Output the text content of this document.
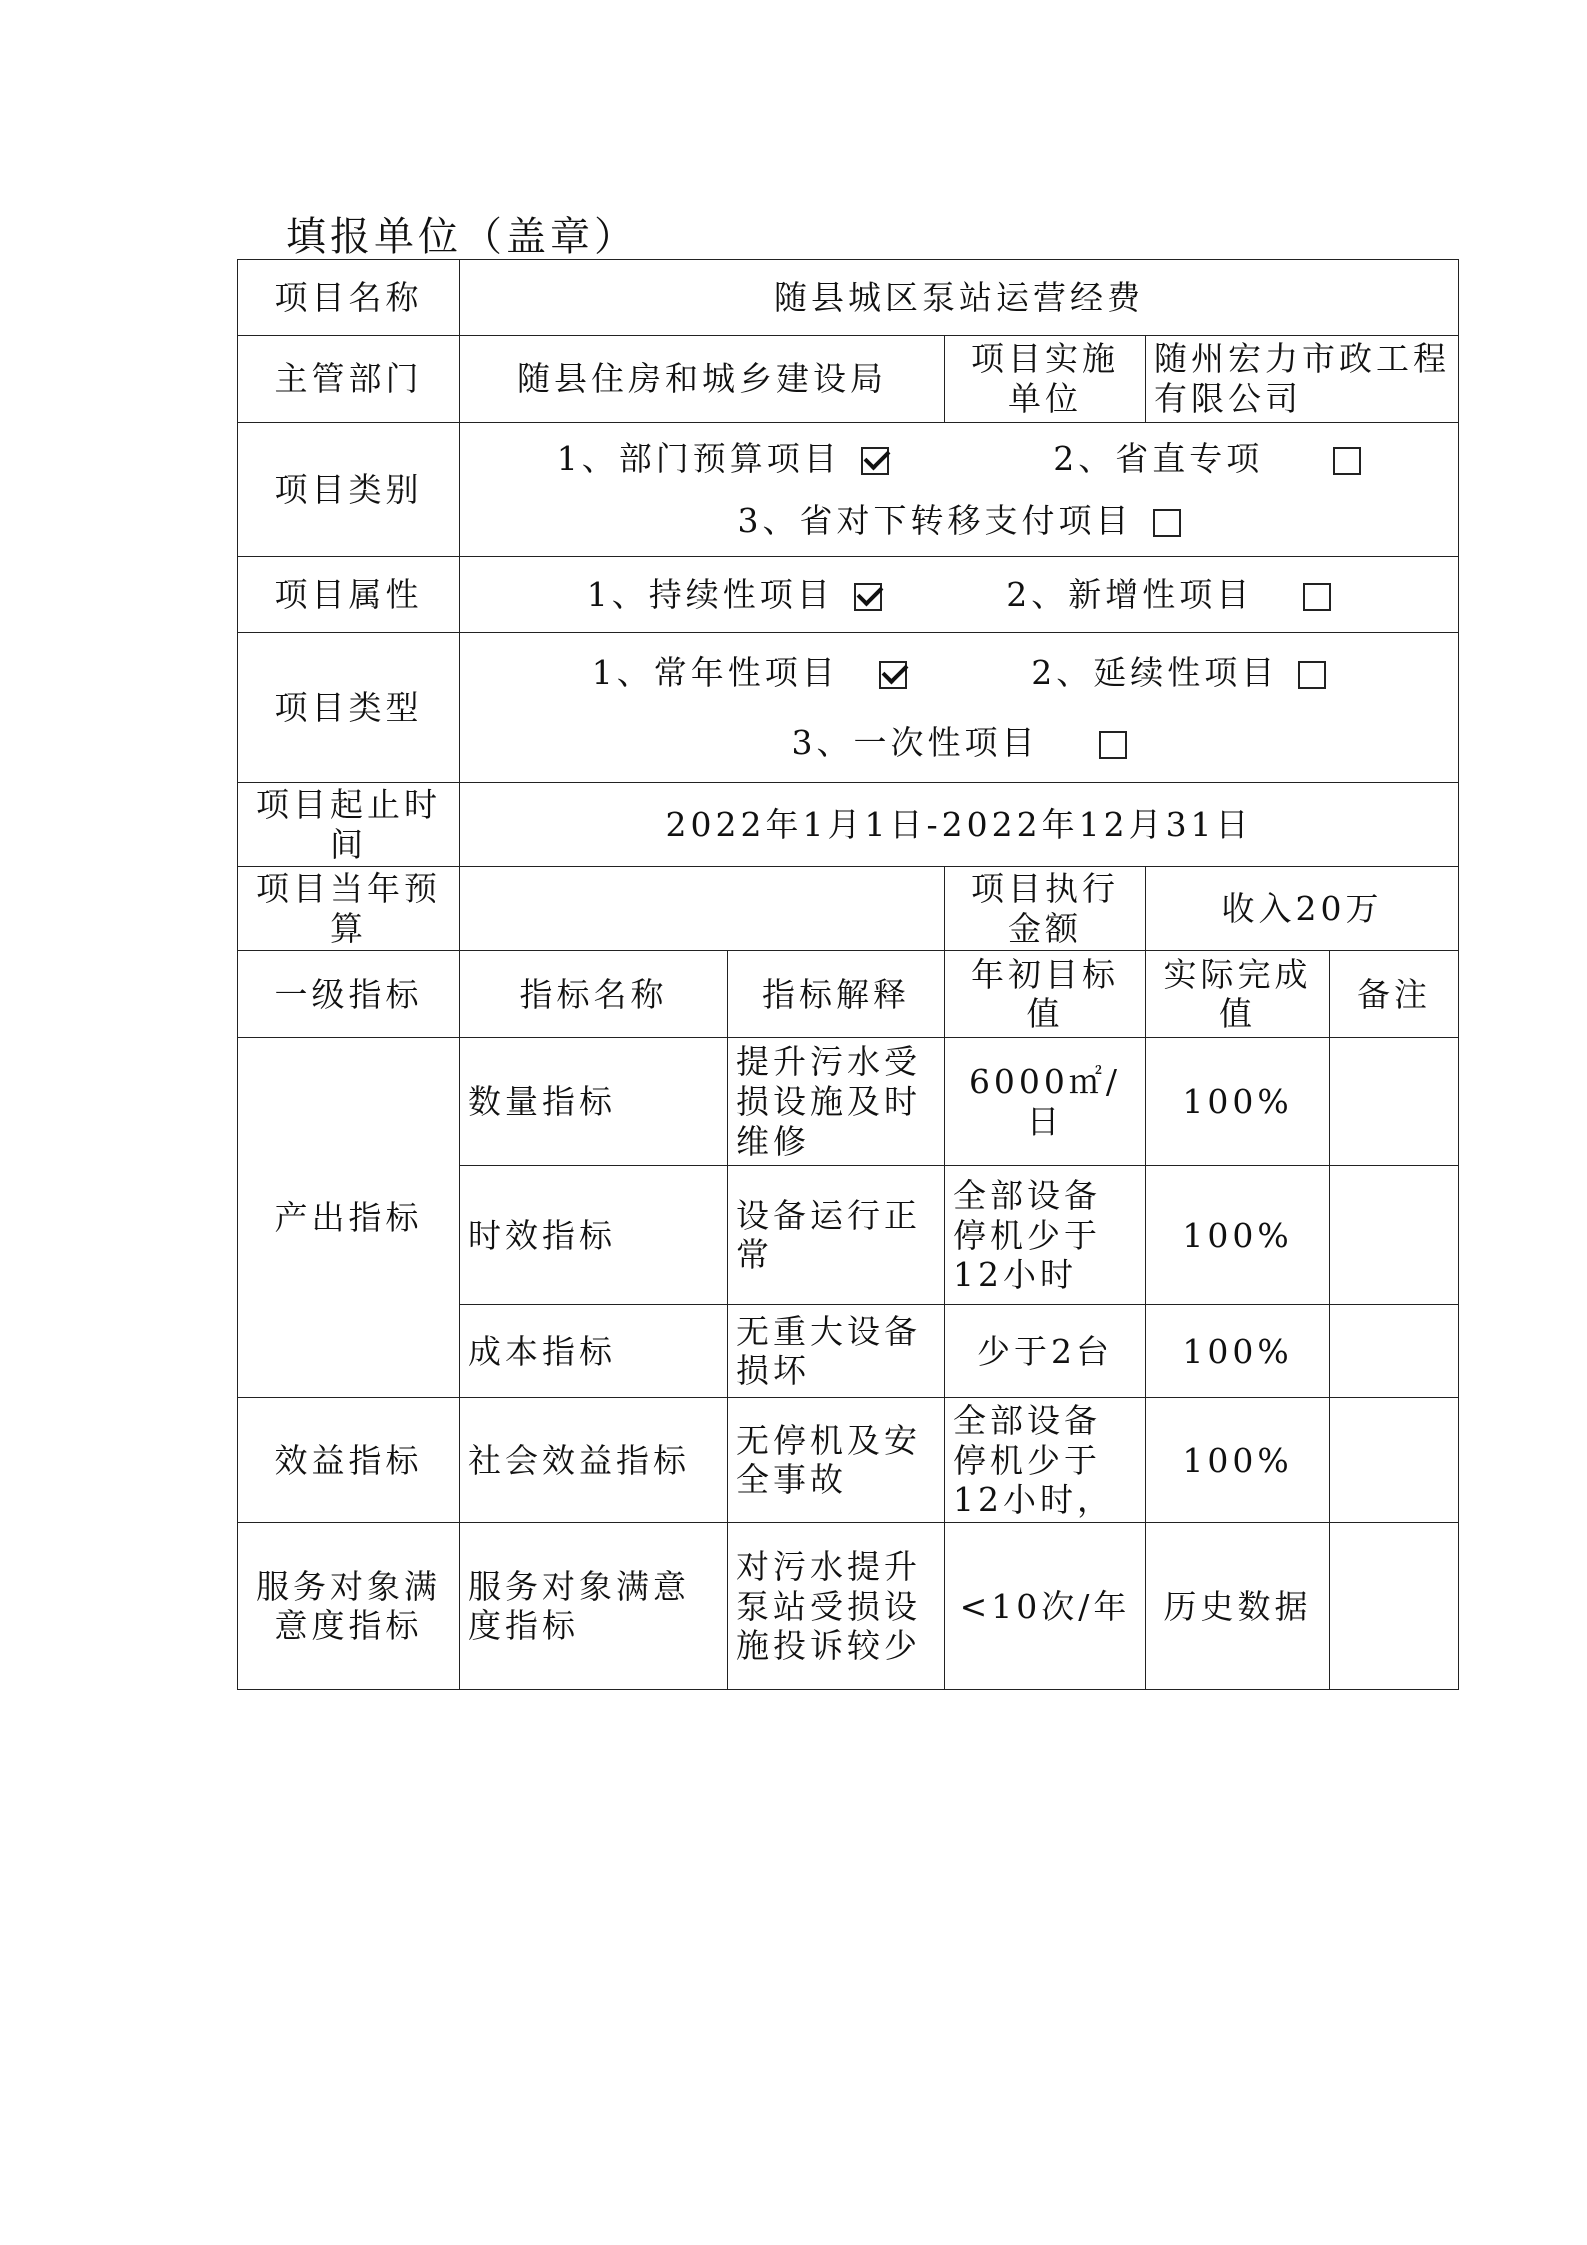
填报单位（盖章）
项目名称	随县城区泵站运营经费				
主管部门	随县住房和城乡建设局		项目实施单位	随州宏力市政工程有限公司	
项目类别	1、部门预算项目 2、省直专项
3、省对下转移支付项目				

项目属性	1、持续性项目 2、新增性项目				
项目类型	1、常年性项目 2、延续性项目
3、一次性项目				

项目起止时间	2022年1月1日-2022年12月31日				
项目当年预算			项目执行金额	收入20万	
一级指标	指标名称	指标解释	年初目标值	实际完成值	备注
产出指标	数量指标	提升污水受损设施及时维修	6000㎡/日	100%	
	时效指标	设备运行正常	全部设备停机少于12小时	100%	
	成本指标	无重大设备损坏	少于2台	100%	
效益指标	社会效益指标	无停机及安全事故	全部设备停机少于12小时，	100%	
服务对象满意度指标	服务对象满意度指标	对污水提升泵站受损设施投诉较少	<10次/年	历史数据	
